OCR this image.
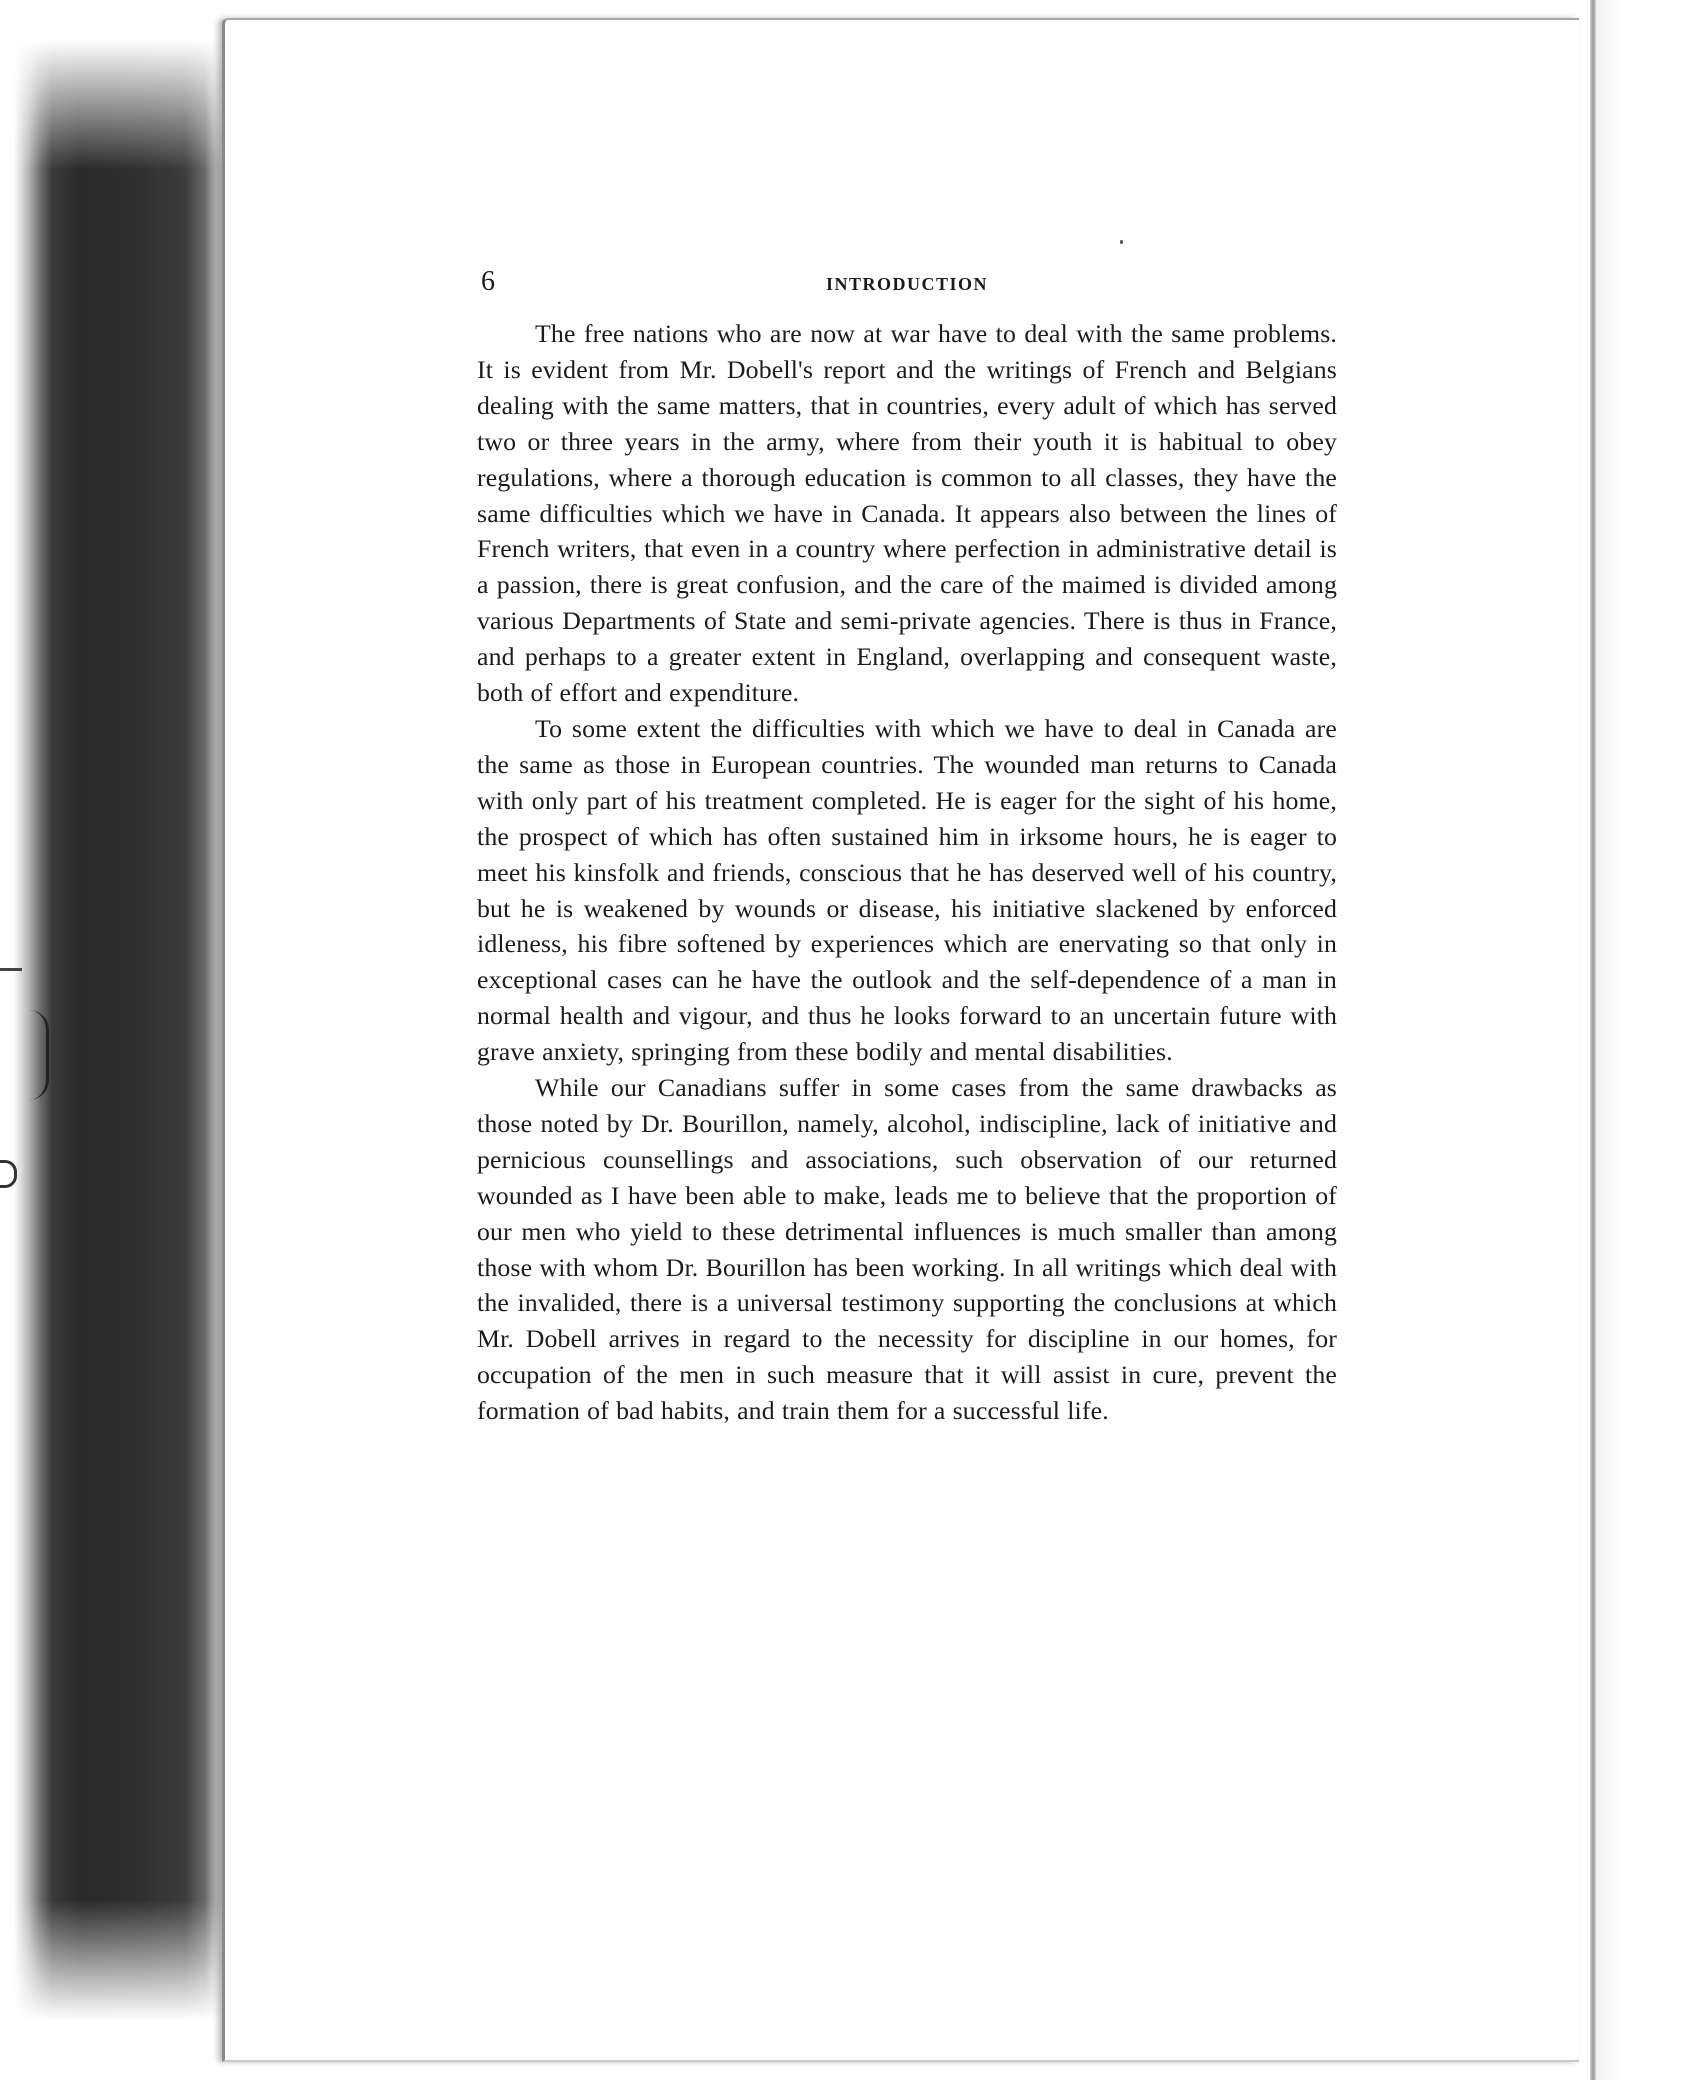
6	INTRODUCTION

The free nations who are now at war have to deal with the same problems. It is evident from Mr. Dobell's report and the writings of French and Belgians dealing with the same matters, that in countries, every adult of which has served two or three years in the army, where from their youth it is habitual to obey regulations, where a thorough education is common to all classes, they have the same difficulties which we have in Canada. It appears also between the lines of French writers, that even in a country where perfection in administrative detail is a passion, there is great confusion, and the care of the maimed is divided among various Departments of State and semi-private agencies. There is thus in France, and perhaps to a greater extent in England, overlapping and consequent waste, both of effort and expenditure.

To some extent the difficulties with which we have to deal in Canada are the same as those in European countries. The wounded man returns to Canada with only part of his treatment completed. He is eager for the sight of his home, the prospect of which has often sustained him in irksome hours, he is eager to meet his kinsfolk and friends, conscious that he has deserved well of his country, but he is weakened by wounds or disease, his initiative slackened by enforced idleness, his fibre softened by experiences which are enervating so that only in exceptional cases can he have the outlook and the self-dependence of a man in normal health and vigour, and thus he looks forward to an uncertain future with grave anxiety, springing from these bodily and mental disabilities.

While our Canadians suffer in some cases from the same drawbacks as those noted by Dr. Bourillon, namely, alcohol, indiscipline, lack of initiative and pernicious counsellings and associations, such observation of our returned wounded as I have been able to make, leads me to believe that the proportion of our men who yield to these detrimental influences is much smaller than among those with whom Dr. Bourillon has been working. In all writings which deal with the invalided, there is a universal testimony supporting the conclusions at which Mr. Dobell arrives in regard to the necessity for discipline in our homes, for occupation of the men in such measure that it will assist in cure, prevent the formation of bad habits, and train them for a successful life.
